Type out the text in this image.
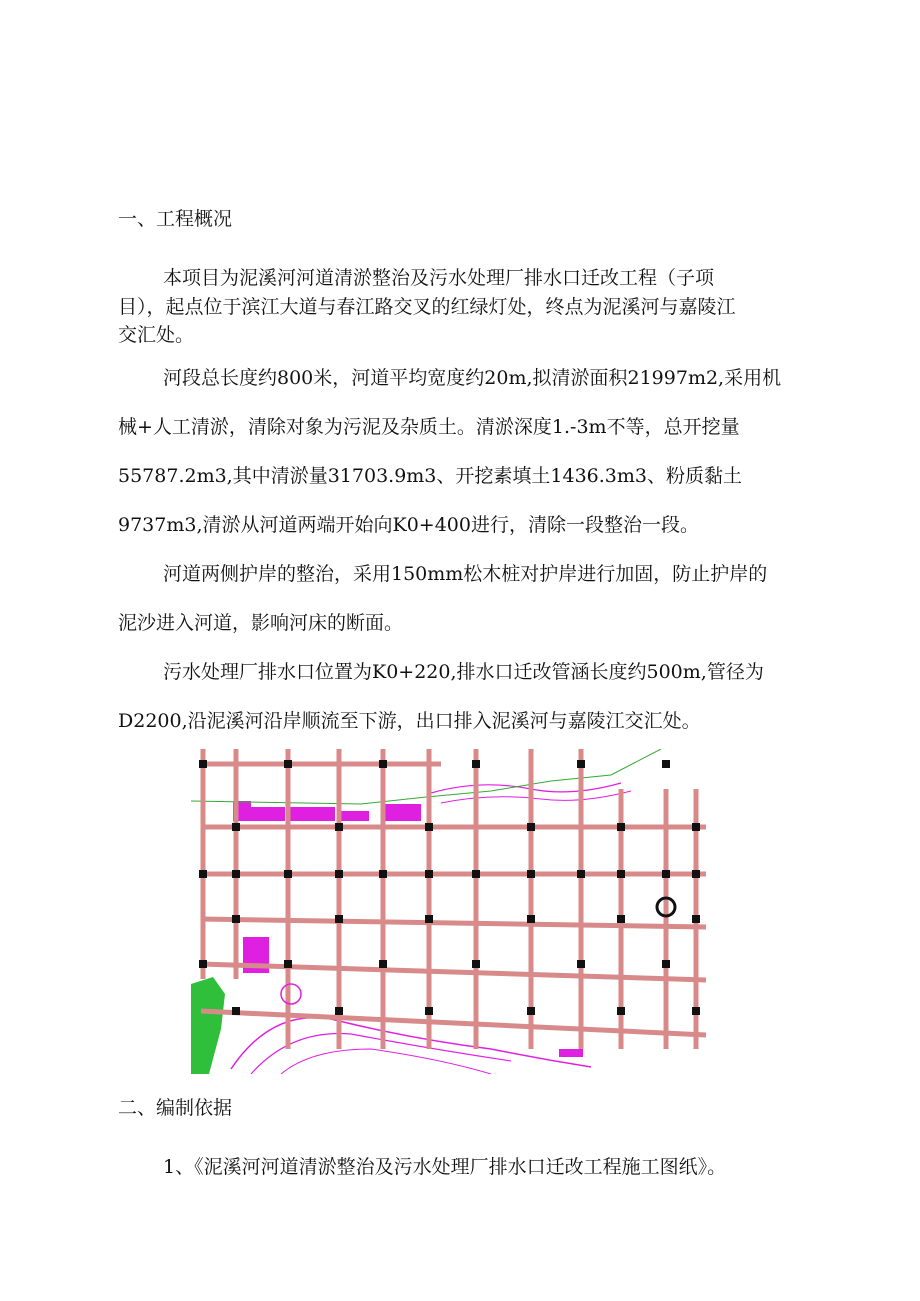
一、工程概况
本项目为泥溪河河道清淤整治及污水处理厂排水口迁改工程（子项
目），起点位于滨江大道与春江路交叉的红绿灯处，终点为泥溪河与嘉陵江
交汇处。
河段总长度约800米，河道平均宽度约20m,拟清淤面积21997m2,采用机
械+人工清淤，清除对象为污泥及杂质土。清淤深度1.-3m不等，总开挖量
55787.2m3,其中清淤量31703.9m3、开挖素填土1436.3m3、粉质黏土
9737m3,清淤从河道两端开始向K0+400进行，清除一段整治一段。
河道两侧护岸的整治，采用150mm松木桩对护岸进行加固，防止护岸的
泥沙进入河道，影响河床的断面。
污水处理厂排水口位置为K0+220,排水口迁改管涵长度约500m,管径为
D2200,沿泥溪河沿岸顺流至下游，出口排入泥溪河与嘉陵江交汇处。
二、编制依据
1、《泥溪河河道清淤整治及污水处理厂排水口迁改工程施工图纸》。
